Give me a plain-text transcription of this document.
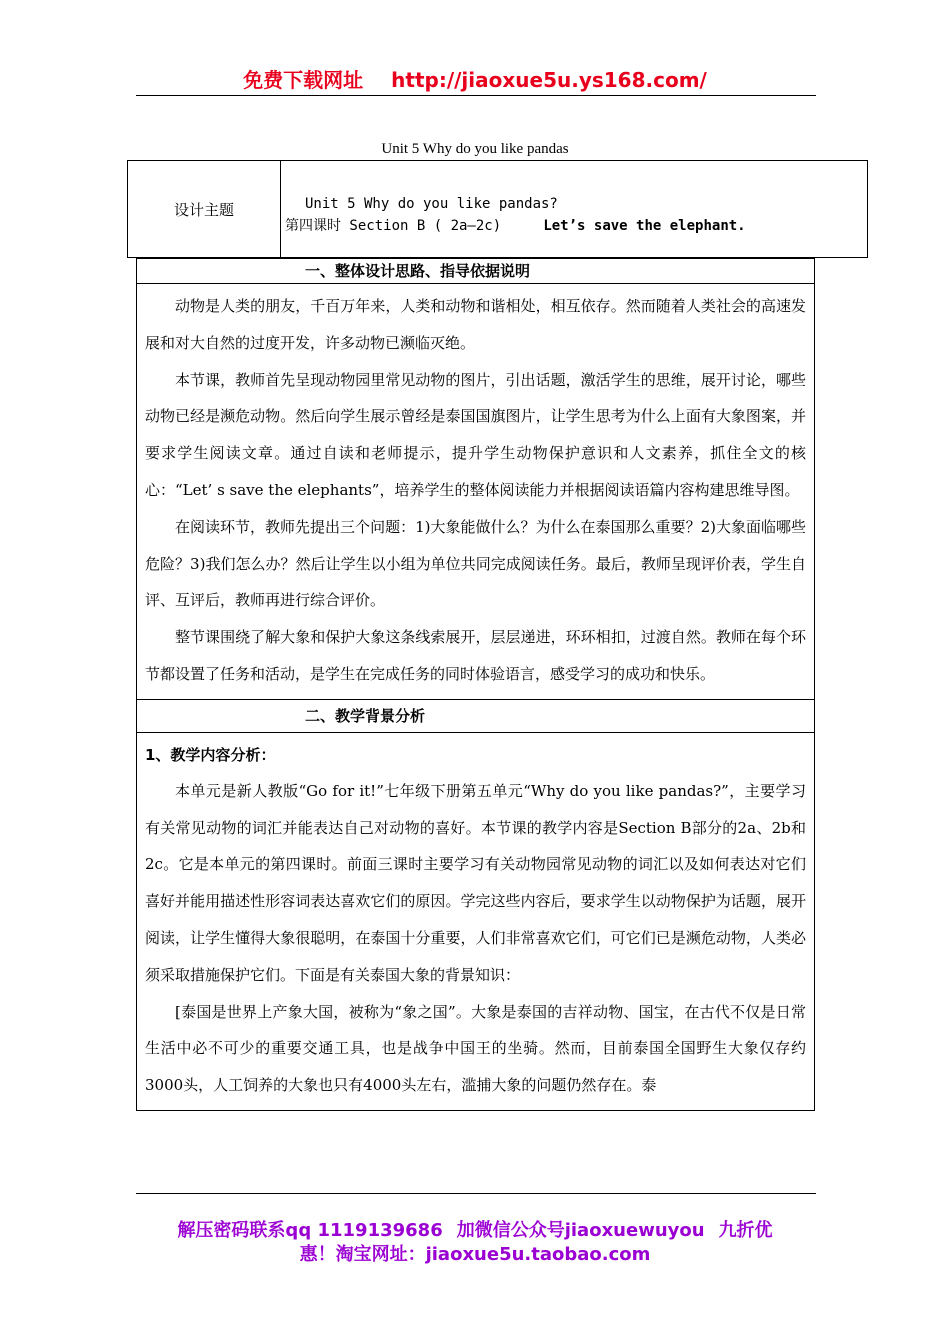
免费下载网址 http://jiaoxue5u.ys168.com/
Unit 5 Why do you like pandas
设计主题	Unit 5 Why do you like pandas?
第四课时 Section B ( 2a—2c)	Let’s save the elephant.
一、整体设计思路、指导依据说明

动物是人类的朋友，千百万年来，人类和动物和谐相处，相互依存。然而随着人类社会的高速发展和对大自然的过度开发，许多动物已濒临灭绝。

本节课，教师首先呈现动物园里常见动物的图片，引出话题，激活学生的思维，展开讨论，哪些动物已经是濒危动物。然后向学生展示曾经是泰国国旗图片，让学生思考为什么上面有大象图案，并要求学生阅读文章。通过自读和老师提示，提升学生动物保护意识和人文素养，抓住全文的核心：“Let’ s save the elephants”，培养学生的整体阅读能力并根据阅读语篇内容构建思维导图。

在阅读环节，教师先提出三个问题：1)大象能做什么？为什么在泰国那么重要？2)大象面临哪些危险？3)我们怎么办？然后让学生以小组为单位共同完成阅读任务。最后，教师呈现评价表，学生自评、互评后，教师再进行综合评价。

整节课围绕了解大象和保护大象这条线索展开，层层递进，环环相扣，过渡自然。教师在每个环节都设置了任务和活动，是学生在完成任务的同时体验语言，感受学习的成功和快乐。

二、教学背景分析

1、教学内容分析：

本单元是新人教版“Go for it!”七年级下册第五单元“Why do you like pandas?”，主要学习有关常见动物的词汇并能表达自己对动物的喜好。本节课的教学内容是Section B部分的2a、2b和2c。它是本单元的第四课时。前面三课时主要学习有关动物园常见动物的词汇以及如何表达对它们喜好并能用描述性形容词表达喜欢它们的原因。学完这些内容后，要求学生以动物保护为话题，展开阅读，让学生懂得大象很聪明，在泰国十分重要，人们非常喜欢它们，可它们已是濒危动物，人类必须采取措施保护它们。下面是有关泰国大象的背景知识：

[泰国是世界上产象大国，被称为“象之国”。大象是泰国的吉祥动物、国宝，在古代不仅是日常生活中必不可少的重要交通工具，也是战争中国王的坐骑。然而，目前泰国全国野生大象仅存约3000头，人工饲养的大象也只有4000头左右，滥捕大象的问题仍然存在。泰

解压密码联系qq 1119139686 加微信公众号jiaoxuewuyou 九折优
惠！淘宝网址：jiaoxue5u.taobao.com
